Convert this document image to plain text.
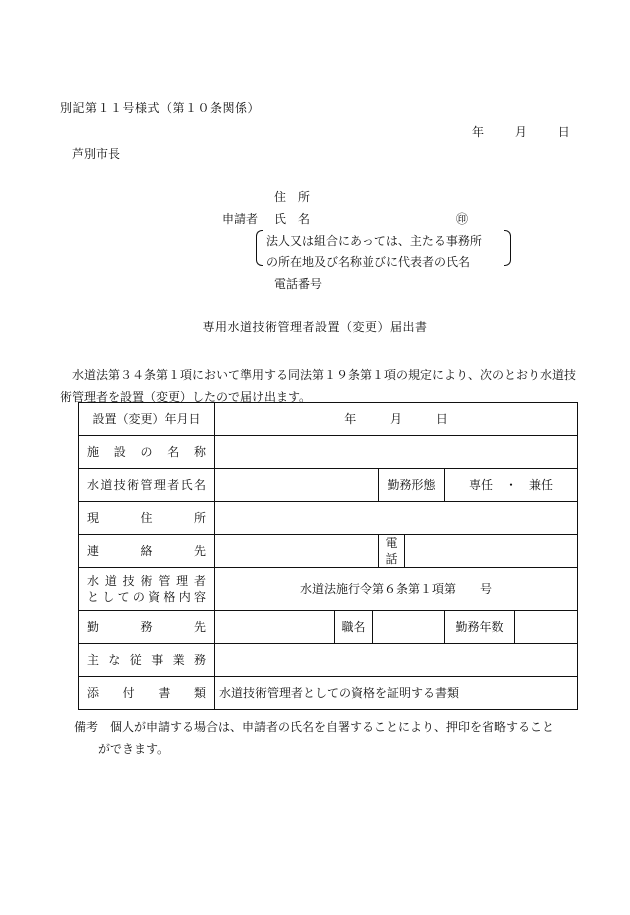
別記第１１号様式（第１０条関係）
年	月	日
芦別市長
住　所
申請者 氏　名	㊞
法人又は組合にあっては、主たる事務所
の所在地及び名称並びに代表者の氏名
電話番号
専用水道技術管理者設置（変更）届出書

水道法第３４条第１項において準用する同法第１９条第１項の規定により、次のとおり水道技術管理者を設置（変更）したので届け出ます。

設置（変更）年月日	年 月 日						
施設の名称							
水道技術管理者氏名				勤務形態		専任　・　兼任	
現住所							
連絡先				電話			

水道技術管理者
としての資格内容	水道法施行令第６条第１項第　　号						
勤務先		職名				勤務年数	
主な従事業務							
添付書類	水道技術管理者としての資格を証明する書類						
備考 個人が申請する場合は、申請者の氏名を自署することにより、押印を省略すること
ができます。
